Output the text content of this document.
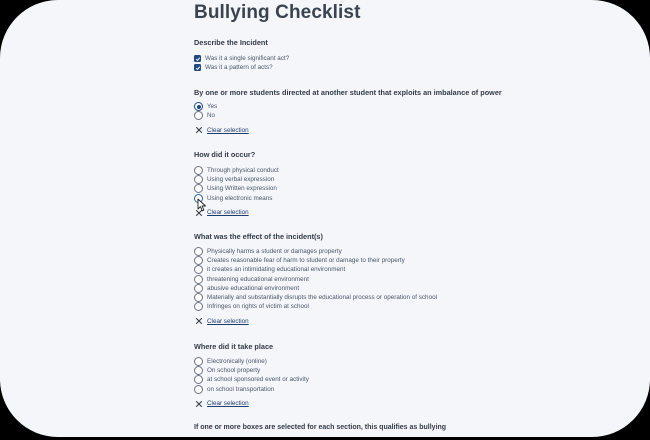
Bullying Checklist
Describe the Incident
Was it a single significant act?
Was it a pattern of acts?
By one or more students directed at another student that exploits an imbalance of power
Yes
No
Clear selection
How did it occur?
Through physical conduct
Using verbal expression
Using Written expression
Using electronic means
Clear selection
What was the effect of the incident(s)
Physically harms a student or damages property
Creates reasonable fear of harm to student or damage to their property
it creates an intimidating educational environment
threatening educational environment
abusive educational environment
Materially and substantially disrupts the educational process or operation of school
Infringes on rights of victim at school
Clear selection
Where did it take place
Electronically (online)
On school property
at school sponsored event or activity
on school transportation
Clear selection
If one or more boxes are selected for each section, this qualifies as bullying
